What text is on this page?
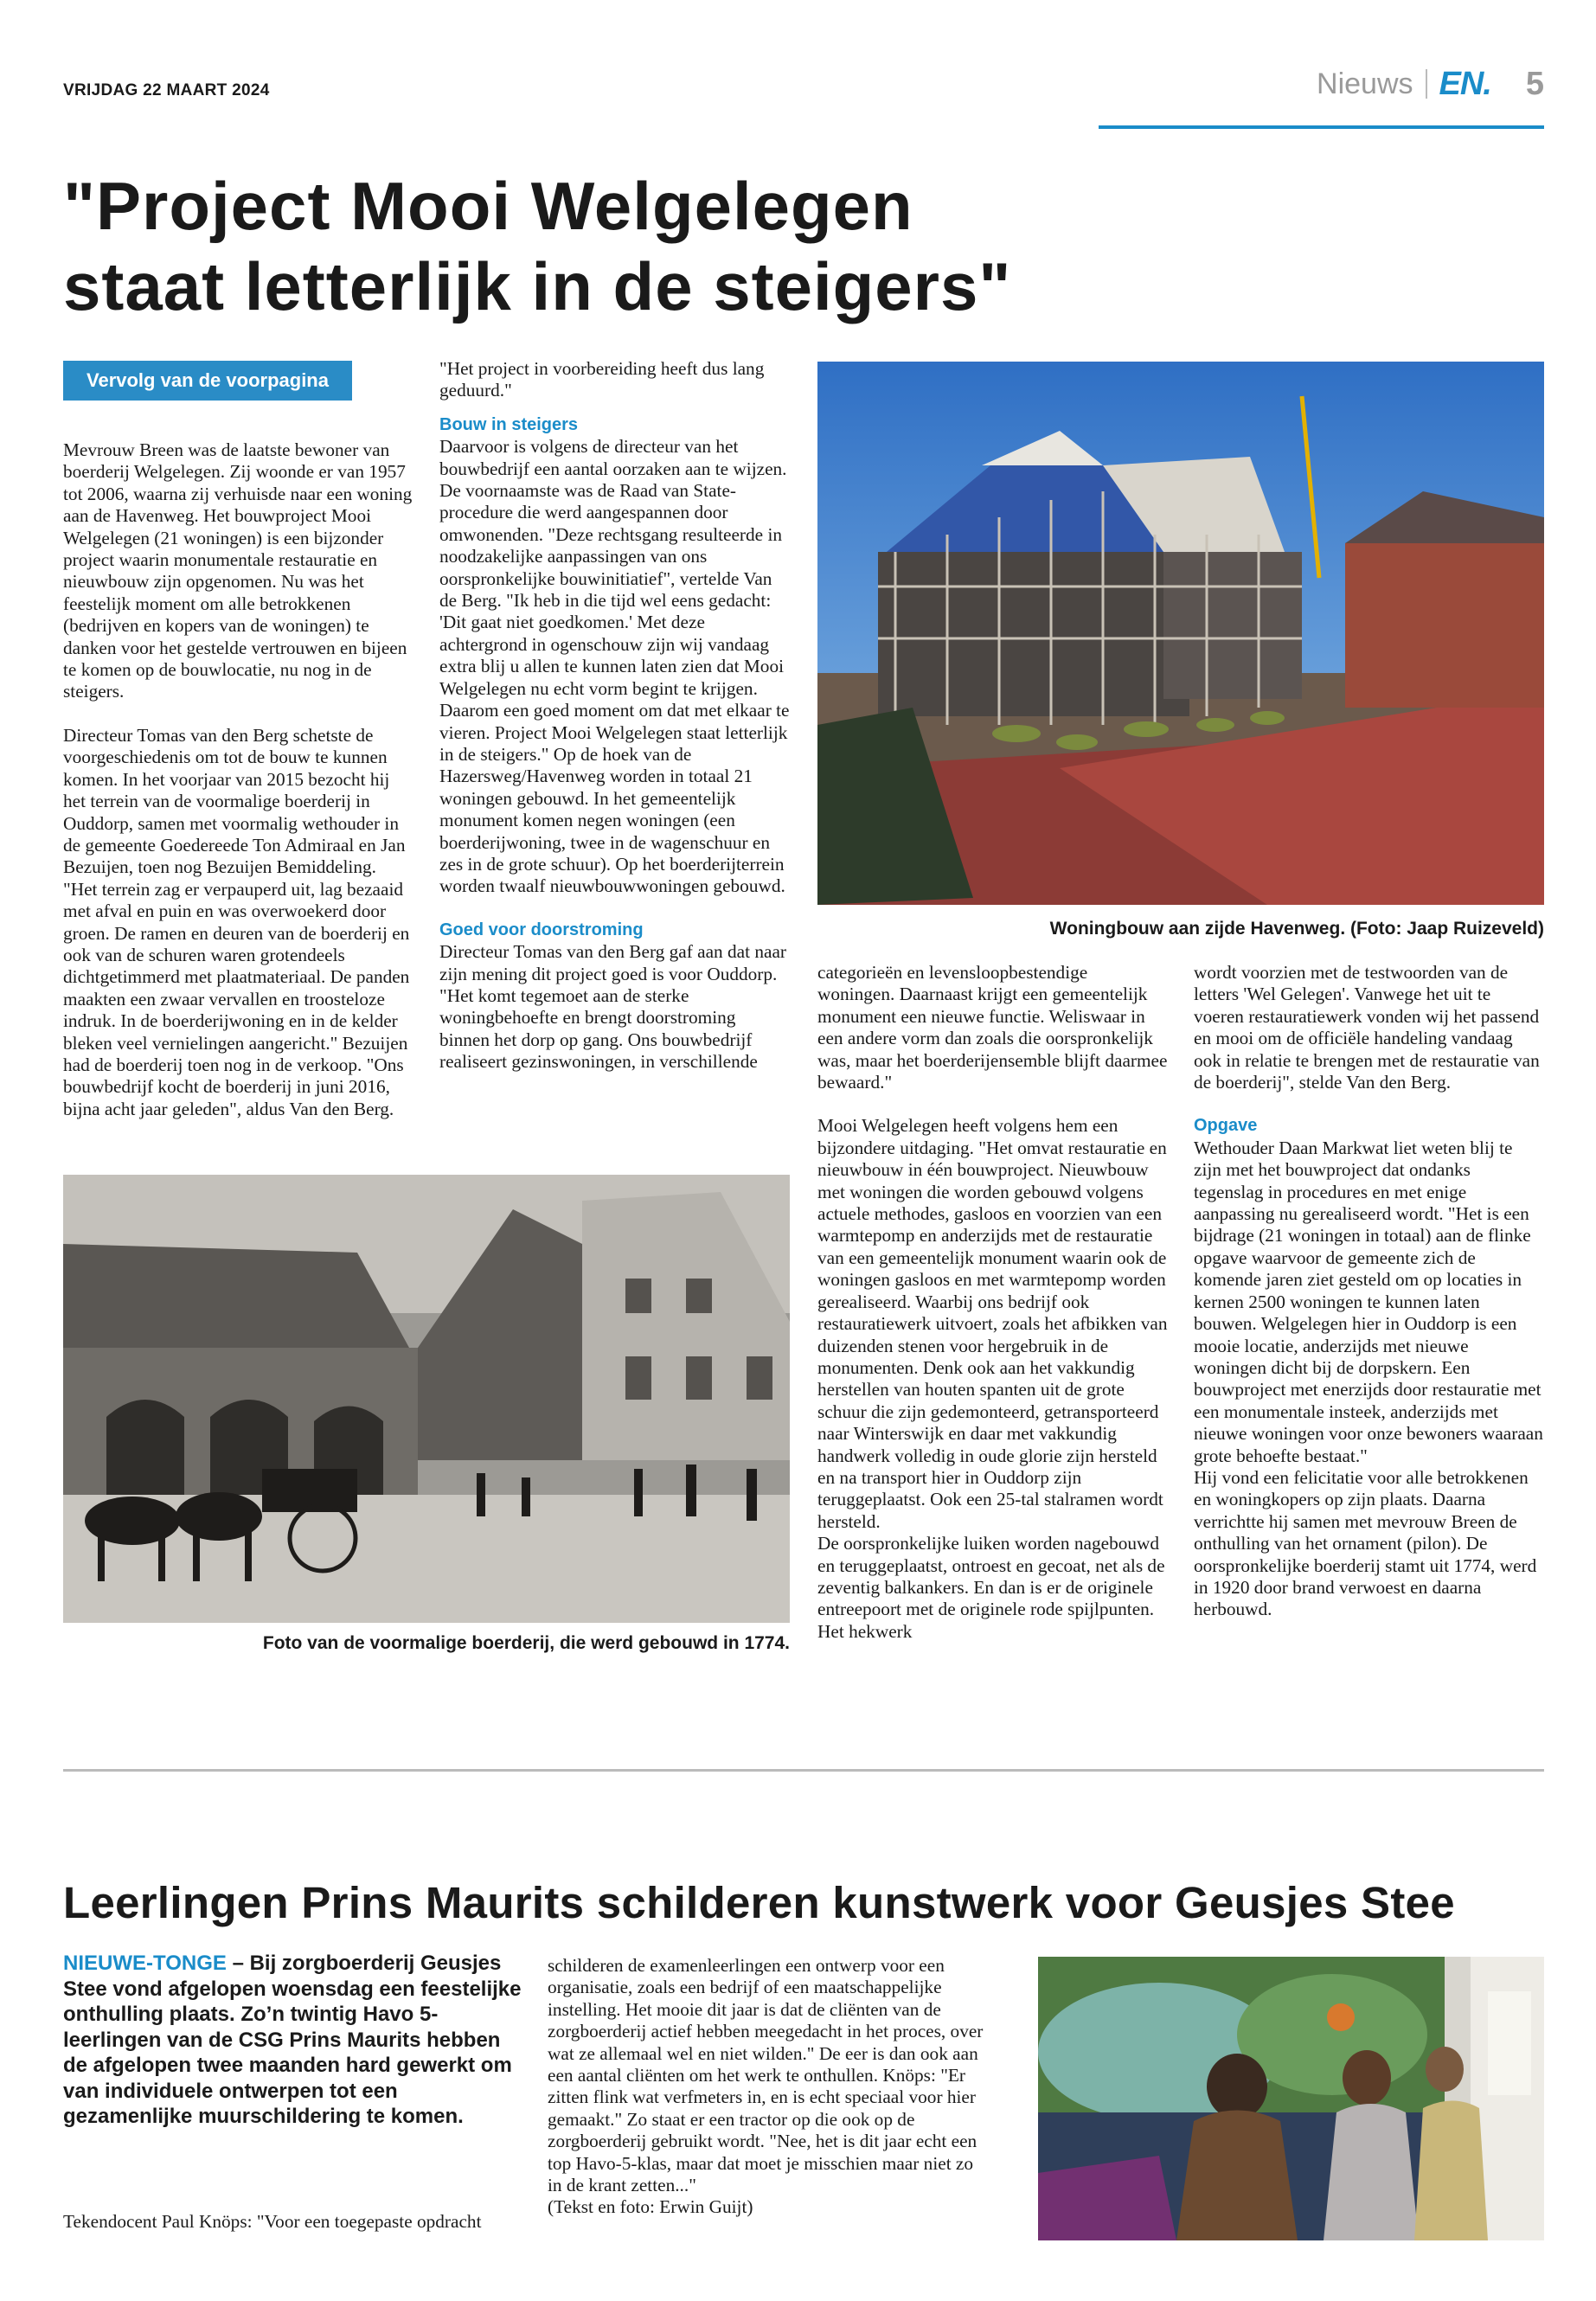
VRIJDAG 22 MAART 2024	Nieuws EN. 5
"Project Mooi Welgelegen
staat letterlijk in de steigers"
Vervolg van de voorpagina

Mevrouw Breen was de laatste bewoner van boerderij Welgelegen. Zij woonde er van 1957 tot 2006, waarna zij verhuisde naar een woning aan de Havenweg. Het bouwproject Mooi Welgelegen (21 woningen) is een bijzonder project waarin monumentale restauratie en nieuwbouw zijn opgenomen. Nu was het feestelijk moment om alle betrokkenen (bedrijven en kopers van de woningen) te danken voor het gestelde vertrouwen en bijeen te komen op de bouwlocatie, nu nog in de steigers.

Directeur Tomas van den Berg schetste de voorgeschiedenis om tot de bouw te kunnen komen. In het voorjaar van 2015 bezocht hij het terrein van de voormalige boerderij in Ouddorp, samen met voormalig wethouder in de gemeente Goedereede Ton Admiraal en Jan Bezuijen, toen nog Bezuijen Bemiddeling. "Het terrein zag er verpauperd uit, lag bezaaid met afval en puin en was overwoekerd door groen. De ramen en deuren van de boerderij en ook van de schuren waren grotendeels dichtgetimmerd met plaatmateriaal. De panden maakten een zwaar vervallen en troosteloze indruk. In de boerderijwoning en in de kelder bleken veel vernielingen aangericht." Bezuijen had de boerderij toen nog in de verkoop. "Ons bouwbedrijf kocht de boerderij in juni 2016, bijna acht jaar geleden", aldus Van den Berg.

"Het project in voorbereiding heeft dus lang geduurd."

Bouw in steigers

Daarvoor is volgens de directeur van het bouwbedrijf een aantal oorzaken aan te wijzen. De voornaamste was de Raad van State-procedure die werd aangespannen door omwonenden. "Deze rechtsgang resulteerde in noodzakelijke aanpassingen van ons oorspronkelijke bouwinitiatief", vertelde Van de Berg. "Ik heb in die tijd wel eens gedacht: 'Dit gaat niet goedkomen.' Met deze achtergrond in ogenschouw zijn wij vandaag extra blij u allen te kunnen laten zien dat Mooi Welgelegen nu echt vorm begint te krijgen.

Daarom een goed moment om dat met elkaar te vieren. Project Mooi Welgelegen staat letterlijk in de steigers." Op de hoek van de Hazersweg/Havenweg worden in totaal 21 woningen gebouwd. In het gemeentelijk monument komen negen woningen (een boerderijwoning, twee in de wagenschuur en zes in de grote schuur). Op het boerderijterrein worden twaalf nieuwbouwwoningen gebouwd.

Goed voor doorstroming

Directeur Tomas van den Berg gaf aan dat naar zijn mening dit project goed is voor Ouddorp. "Het komt tegemoet aan de sterke woningbehoefte en brengt doorstroming binnen het dorp op gang. Ons bouwbedrijf realiseert gezinswoningen, in verschillende

Woningbouw aan zijde Havenweg. (Foto: Jaap Ruizeveld)

categorieën en levensloopbestendige woningen. Daarnaast krijgt een gemeentelijk monument een nieuwe functie. Weliswaar in een andere vorm dan zoals die oorspronkelijk was, maar het boerderijensemble blijft daarmee bewaard."

Mooi Welgelegen heeft volgens hem een bijzondere uitdaging. "Het omvat restauratie en nieuwbouw in één bouwproject. Nieuwbouw met woningen die worden gebouwd volgens actuele methodes, gasloos en voorzien van een warmtepomp en anderzijds met de restauratie van een gemeentelijk monument waarin ook de woningen gasloos en met warmtepomp worden gerealiseerd. Waarbij ons bedrijf ook restauratiewerk uitvoert, zoals het afbikken van duizenden stenen voor hergebruik in de monumenten. Denk ook aan het vakkundig herstellen van houten spanten uit de grote schuur die zijn gedemonteerd, getransporteerd naar Winterswijk en daar met vakkundig handwerk volledig in oude glorie zijn hersteld en na transport hier in Ouddorp zijn teruggeplaatst. Ook een 25-tal stalramen wordt hersteld.

De oorspronkelijke luiken worden nagebouwd en teruggeplaatst, ontroest en gecoat, net als de zeventig balkankers. En dan is er de originele entreepoort met de originele rode spijlpunten. Het hekwerk

wordt voorzien met de testwoorden van de letters 'Wel Gelegen'. Vanwege het uit te voeren restauratiewerk vonden wij het passend en mooi om de officiële handeling vandaag ook in relatie te brengen met de restauratie van de boerderij", stelde Van den Berg.

Opgave

Wethouder Daan Markwat liet weten blij te zijn met het bouwproject dat ondanks tegenslag in procedures en met enige aanpassing nu gerealiseerd wordt. "Het is een bijdrage (21 woningen in totaal) aan de flinke opgave waarvoor de gemeente zich de komende jaren ziet gesteld om op locaties in kernen 2500 woningen te kunnen laten bouwen. Welgelegen hier in Ouddorp is een mooie locatie, anderzijds met nieuwe woningen dicht bij de dorpskern. Een bouwproject met enerzijds door restauratie met een monumentale insteek, anderzijds met nieuwe woningen voor onze bewoners waaraan grote behoefte bestaat."

Hij vond een felicitatie voor alle betrokkenen en woningkopers op zijn plaats. Daarna verrichtte hij samen met mevrouw Breen de onthulling van het ornament (pilon). De oorspronkelijke boerderij stamt uit 1774, werd in 1920 door brand verwoest en daarna herbouwd.

Foto van de voormalige boerderij, die werd gebouwd in 1774.
Leerlingen Prins Maurits schilderen kunstwerk voor Geusjes Stee
NIEUWE-TONGE – Bij zorgboerderij Geusjes Stee vond afgelopen woensdag een feestelijke onthulling plaats. Zo’n twintig Havo 5-leerlingen van de CSG Prins Maurits hebben de afgelopen twee maanden hard gewerkt om van individuele ontwerpen tot een gezamenlijke muurschildering te komen.

Tekendocent Paul Knöps: "Voor een toegepaste opdracht

schilderen de examenleerlingen een ontwerp voor een organisatie, zoals een bedrijf of een maatschappelijke instelling. Het mooie dit jaar is dat de cliënten van de zorgboerderij actief hebben meegedacht in het proces, over wat ze allemaal wel en niet wilden." De eer is dan ook aan een aantal cliënten om het werk te onthullen. Knöps: "Er zitten flink wat verfmeters in, en is echt speciaal voor hier gemaakt." Zo staat er een tractor op die ook op de zorgboerderij gebruikt wordt. "Nee, het is dit jaar echt een top Havo-5-klas, maar dat moet je misschien maar niet zo in de krant zetten..."

(Tekst en foto: Erwin Guijt)
